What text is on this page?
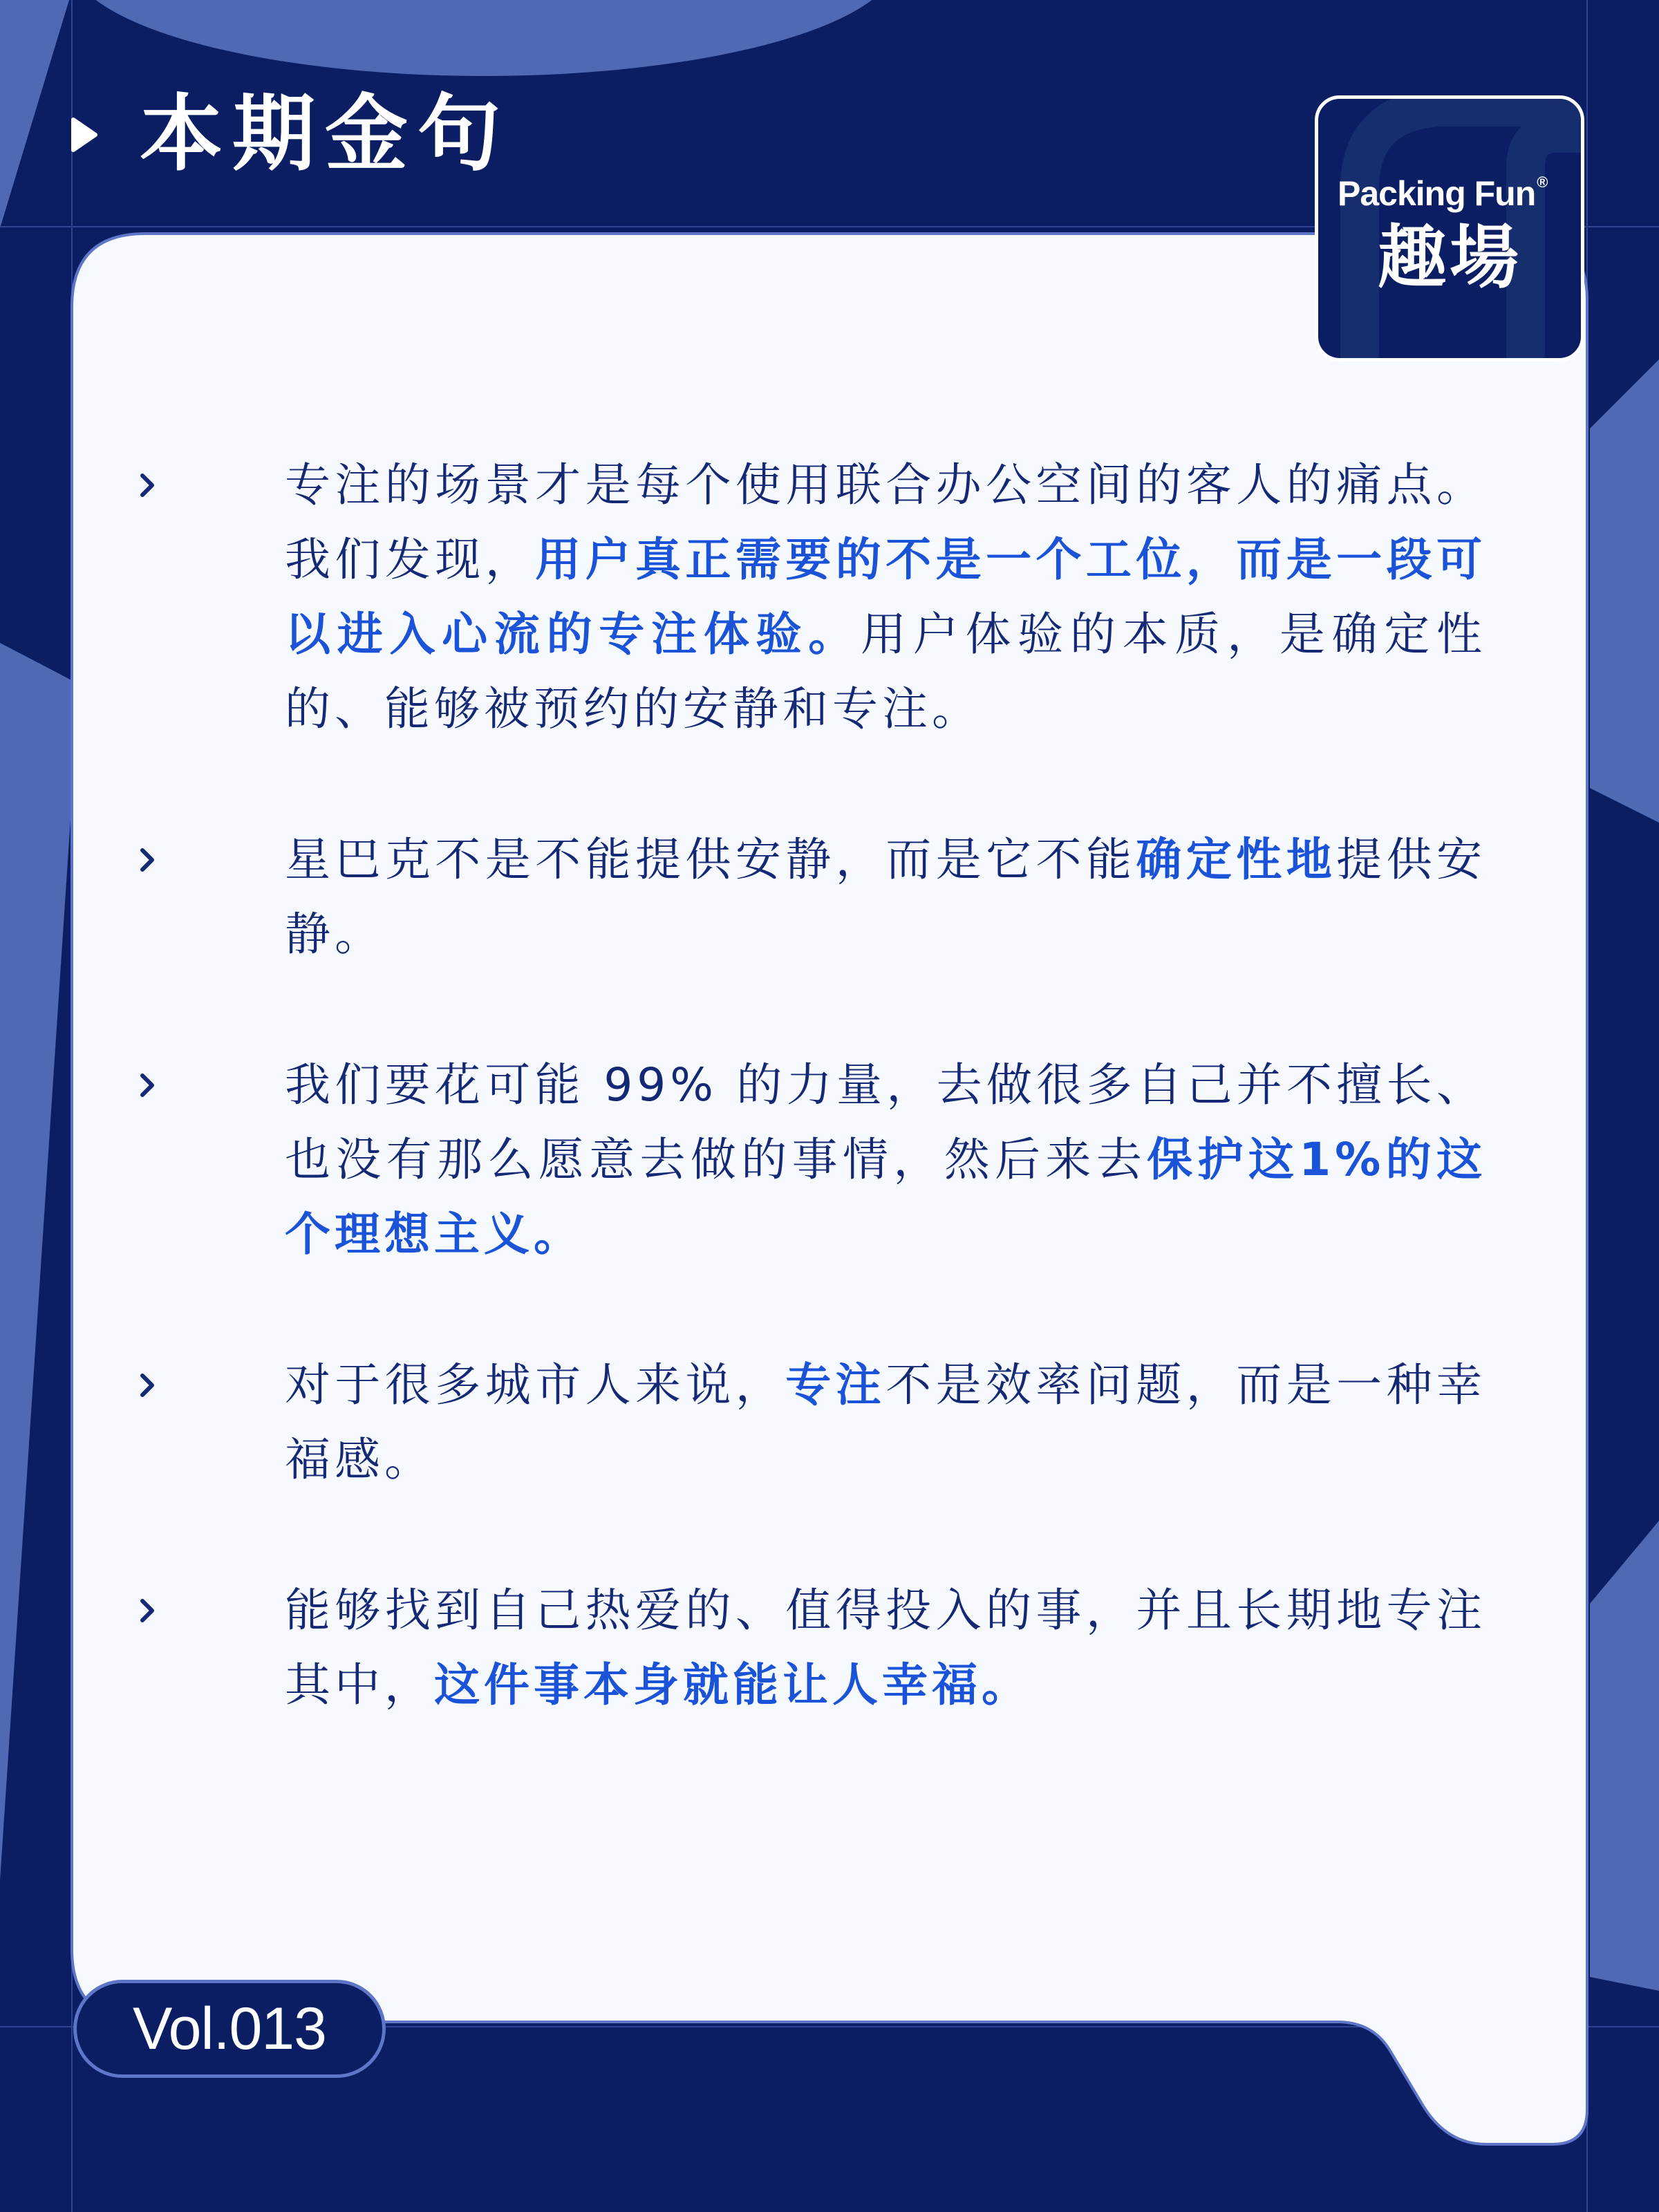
本期金句
Packing Fun®
趣場
专注的场景才是每个使用联合办公空间的客人的痛点。我们发现，用户真正需要的不是一个工位，而是一段可以进入心流的专注体验。用户体验的本质，是确定性的、能够被预约的安静和专注。
星巴克不是不能提供安静，而是它不能确定性地提供安静。
我们要花可能 99% 的力量，去做很多自己并不擅长、也没有那么愿意去做的事情，然后来去保护这1%的这个理想主义。
对于很多城市人来说，专注不是效率问题，而是一种幸福感。
能够找到自己热爱的、值得投入的事，并且长期地专注其中，这件事本身就能让人幸福。
Vol.013
